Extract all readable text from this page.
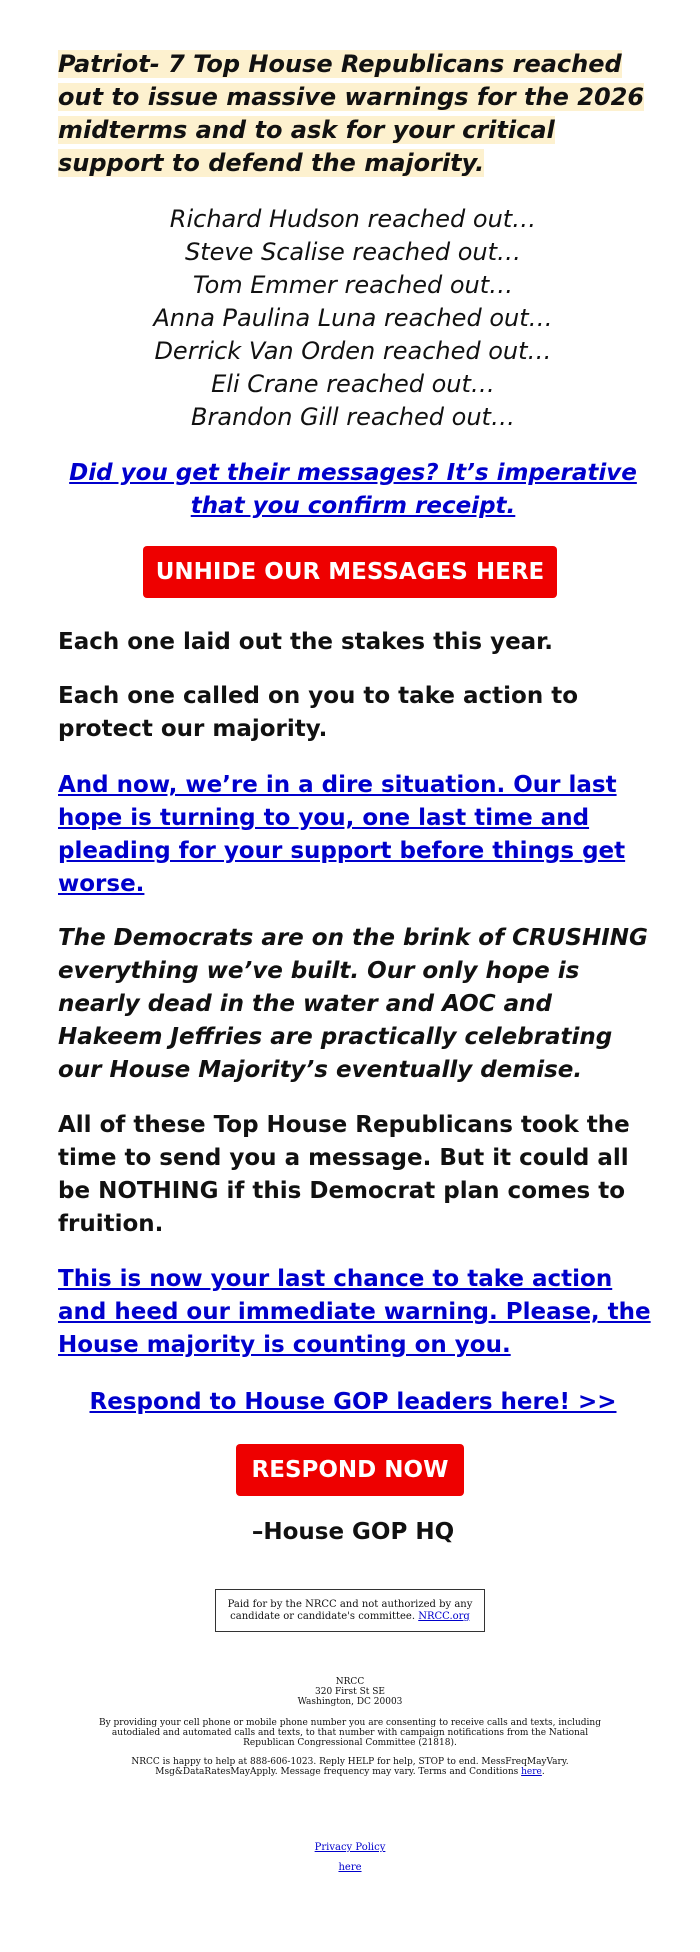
Patriot- 7 Top House Republicans reached out to issue massive warnings for the 2026 midterms and to ask for your critical support to defend the majority.

Richard Hudson reached out…
Steve Scalise reached out…
Tom Emmer reached out…
Anna Paulina Luna reached out…
Derrick Van Orden reached out…
Eli Crane reached out…
Brandon Gill reached out…
Did you get their messages? It’s imperative that you confirm receipt.
UNHIDE OUR MESSAGES HERE

Each one laid out the stakes this year.

Each one called on you to take action to protect our majority.

And now, we’re in a dire situation. Our last hope is turning to you, one last time and pleading for your support before things get worse.

The Democrats are on the brink of CRUSHING everything we’ve built. Our only hope is nearly dead in the water and AOC and Hakeem Jeffries are practically celebrating our House Majority’s eventually demise.

All of these Top House Republicans took the time to send you a message. But it could all be NOTHING if this Democrat plan comes to fruition.

This is now your last chance to take action and heed our immediate warning. Please, the House majority is counting on you.

Respond to House GOP leaders here! >>
RESPOND NOW
–House GOP HQ
Paid for by the NRCC and not authorized by any candidate or candidate's committee. NRCC.org
NRCC
320 First St SE
Washington, DC 20003
By providing your cell phone or mobile phone number you are consenting to receive calls and texts, including autodialed and automated calls and texts, to that number with campaign notifications from the National Republican Congressional Committee (21818).
NRCC is happy to help at 888-606-1023. Reply HELP for help, STOP to end. MessFreqMayVary. Msg&DataRatesMayApply. Message frequency may vary. Terms and Conditions here.
Privacy Policy
here
